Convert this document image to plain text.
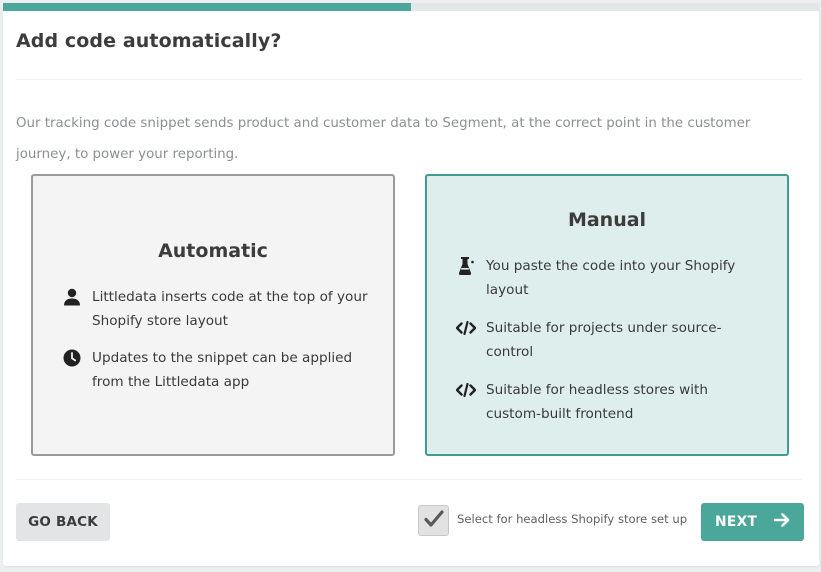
Add code automatically?
Our tracking code snippet sends product and customer data to Segment, at the correct point in the customer journey, to power your reporting.
Automatic
Littledata inserts code at the top of your Shopify store layout
Updates to the snippet can be applied from the Littledata app
Manual
You paste the code into your Shopify layout
Suitable for projects under source-control
Suitable for headless stores with custom-built frontend
GO BACK	Select for headless Shopify store set up NEXT
